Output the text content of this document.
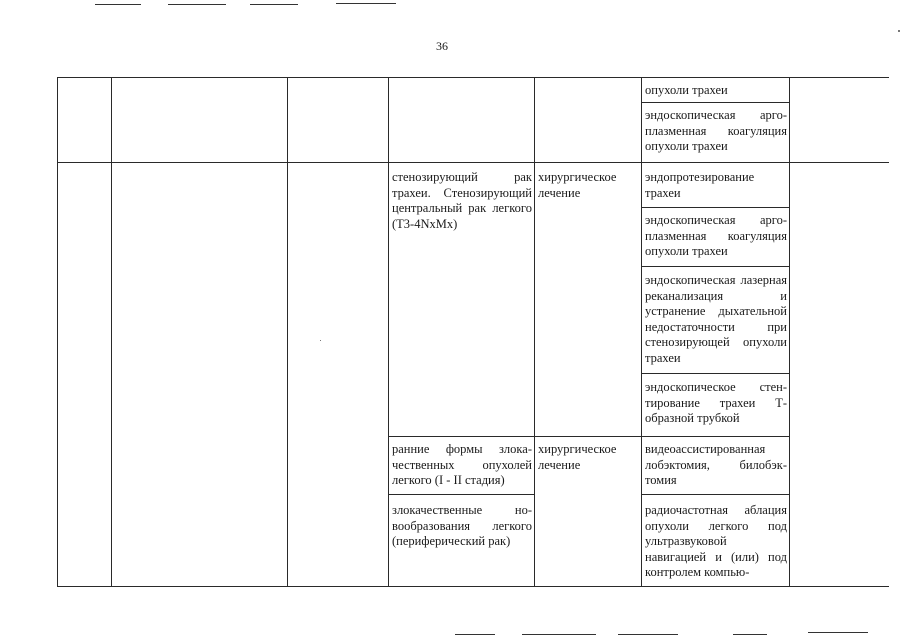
36
опухоли трахеи
эндоскопическая аргоплазменная коагуляция опухоли трахеи
стенозирующий рак трахеи. Стенозирующий центральный рак легкого (Т3-4NхМх)
хирургическое лечение
эндопротезирование трахеи
эндоскопическая аргоплазменная коагуляция опухоли трахеи
эндоскопическая лазерная реканализация и устранение дыхательной недостаточности при стенозирующей опухоли трахеи
эндоскопическое стентирование трахеи Т-образной трубкой
ранние формы злокачественных опухолей легкого (I - II стадия)
хирургическое лечение
видеоассистированная лобэктомия, билобэктомия
злокачественные новообразования легкого (периферический рак)
радиочастотная аблация опухоли легкого под ультразвуковой навигацией и (или) под контролем компью-
